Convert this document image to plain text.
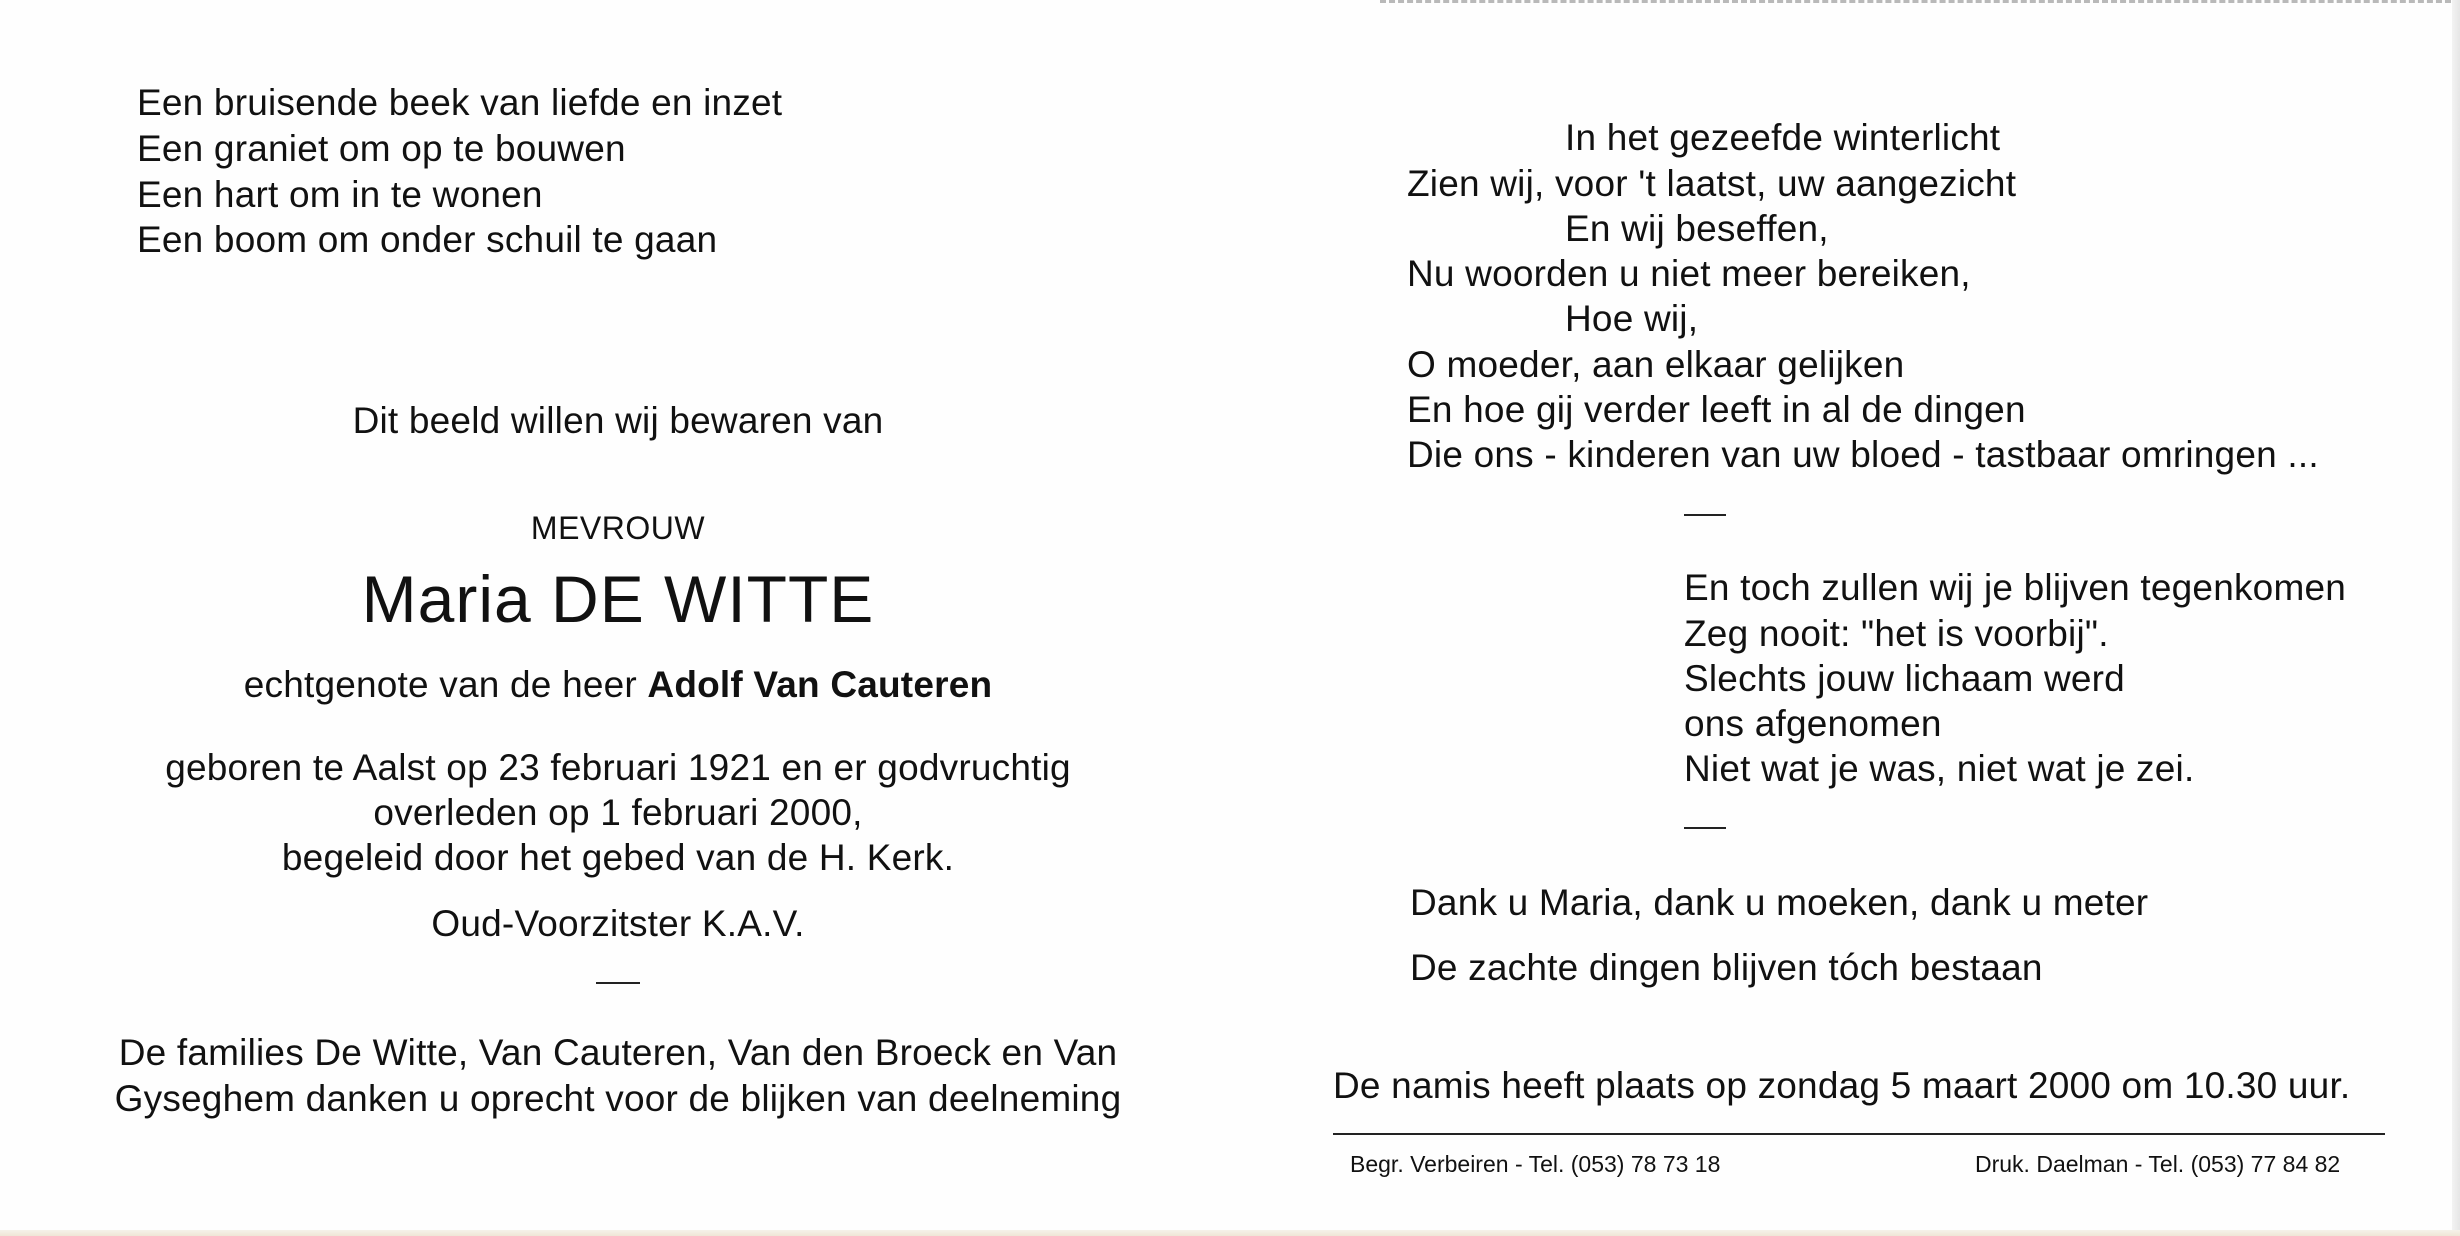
Een bruisende beek van liefde en inzet

Een graniet om op te bouwen

Een hart om in te wonen

Een boom om onder schuil te gaan

Dit beeld willen wij bewaren van

MEVROUW

Maria DE WITTE

echtgenote van de heer Adolf Van Cauteren

geboren te Aalst op 23 februari 1921 en er godvruchtig

overleden op 1 februari 2000,

begeleid door het gebed van de H. Kerk.

Oud-Voorzitster K.A.V.

De families De Witte, Van Cauteren, Van den Broeck en Van

Gyseghem danken u oprecht voor de blijken van deelneming

In het gezeefde winterlicht

Zien wij, voor 't laatst, uw aangezicht

En wij beseffen,

Nu woorden u niet meer bereiken,

Hoe wij,

O moeder, aan elkaar gelijken

En hoe gij verder leeft in al de dingen

Die ons - kinderen van uw bloed - tastbaar omringen ...

En toch zullen wij je blijven tegenkomen

Zeg nooit: "het is voorbij".

Slechts jouw lichaam werd

ons afgenomen

Niet wat je was, niet wat je zei.

Dank u Maria, dank u moeken, dank u meter

De zachte dingen blijven tóch bestaan

De namis heeft plaats op zondag 5 maart 2000 om 10.30 uur.

Begr. Verbeiren - Tel. (053) 78 73 18	Druk. Daelman - Tel. (053) 77 84 82
